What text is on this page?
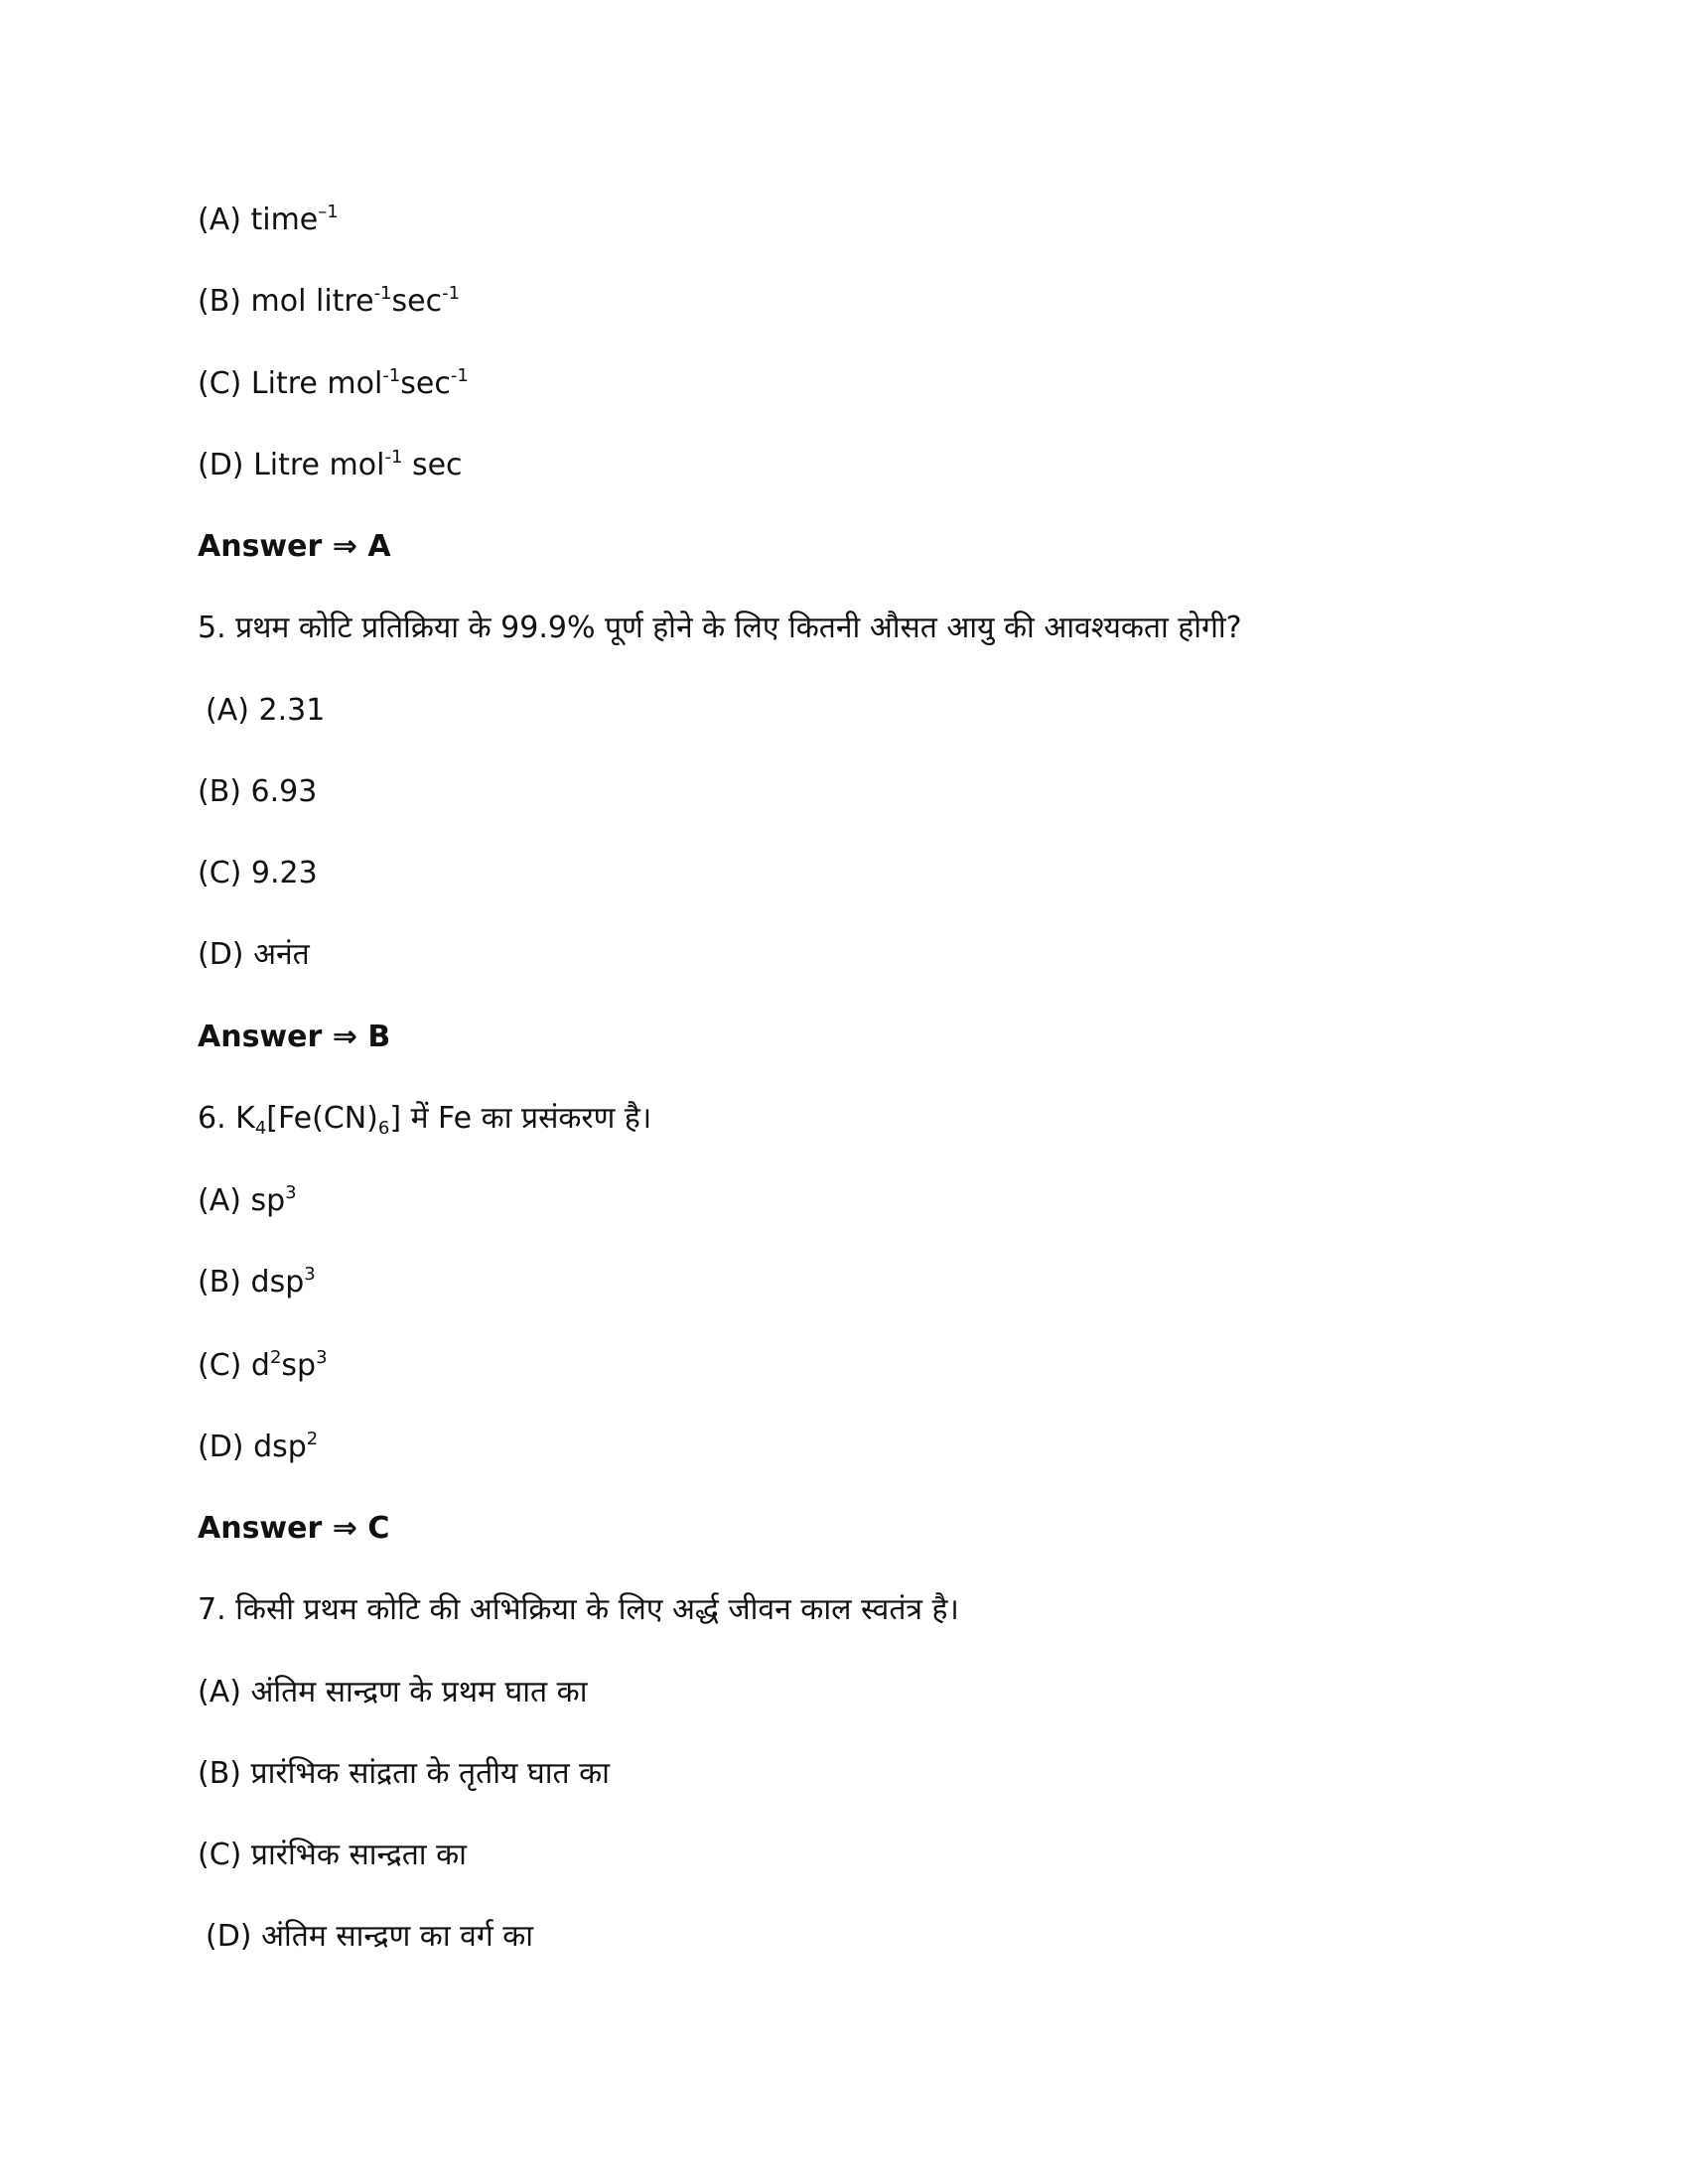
(A) time$^{-1}$
(B) mol $litre^{-1}\sec^{-1}$
(C) Litre $mol^{-1}\sec^{-1}$
(D) Litre mol$^{-1}$ sec
Answer ⇒ A
5. प्रथम कोटि प्रतिक्रिया के 99.9% पूर्ण होने के लिए कितनी औसत आयु की आवश्यकता होगी?
(A) 2.31
(B) 6.93
(C) 9.23
(D) अनंत
Answer ⇒ B
6. $K_4[Fe(CN)_6]$ में Fe का प्रसंकरण है।
(A) $sp^3$
(B) dsp$^3$
(C) $d^2sp^3$
(D) dsp$^2$
Answer ⇒ C
7. किसी प्रथम कोटि की अभिक्रिया के लिए अर्द्ध जीवन काल स्वतंत्र है।
(A) अंतिम सान्द्रण के प्रथम घात का
(B) प्रारंभिक सांद्रता के तृतीय घात का
(C) प्रारंभिक सान्द्रता का
(D) अंतिम सान्द्रण का वर्ग का
